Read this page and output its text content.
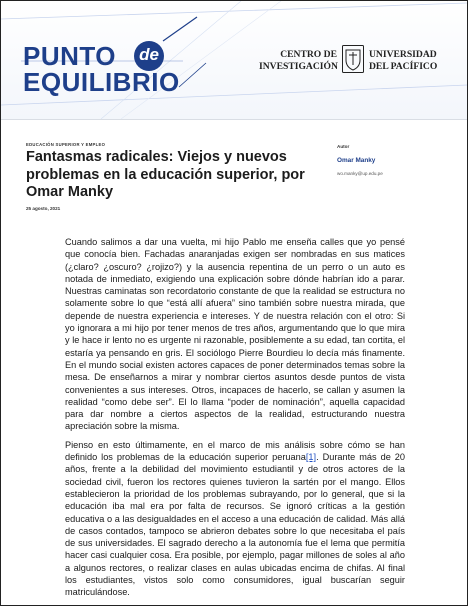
PUNTO de
EQUILIBRIO
CENTRO DE
INVESTIGACIÓN
UNIVERSIDAD
DEL PACÍFICO
EDUCACIÓN SUPERIOR Y EMPLEO
Fantasmas radicales: Viejos y nuevos problemas en la educación superior, por Omar Manky
25 agosto, 2021
Autor
Omar Manky
wo.manky@up.edu.pe

Cuando salimos a dar una vuelta, mi hijo Pablo me enseña calles que yo pensé que conocía bien. Fachadas anaranjadas exigen ser nombradas en sus matices (¿claro? ¿oscuro? ¿rojizo?) y la ausencia repentina de un perro o un auto es notada de inmediato, exigiendo una explicación sobre dónde habrían ido a parar. Nuestras caminatas son recordatorio constante de que la realidad se estructura no solamente sobre lo que “está allí afuera” sino también sobre nuestra mirada, que depende de nuestra experiencia e intereses. Y de nuestra relación con el otro: Si yo ignorara a mi hijo por tener menos de tres años, argumentando que lo que mira y le hace ir lento no es urgente ni razonable, posiblemente a su edad, tan cortita, el estaría ya pensando en gris. El sociólogo Pierre Bourdieu lo decía más finamente. En el mundo social existen actores capaces de poner determinados temas sobre la mesa. De enseñarnos a mirar y nombrar ciertos asuntos desde puntos de vista convenientes a sus intereses. Otros, incapaces de hacerlo, se callan y asumen la realidad “como debe ser”. El lo llama “poder de nominación”, aquella capacidad para dar nombre a ciertos aspectos de la realidad, estructurando nuestra apreciación sobre la misma.

Pienso en esto últimamente, en el marco de mis análisis sobre cómo se han definido los problemas de la educación superior peruana[1]. Durante más de 20 años, frente a la debilidad del movimiento estudiantil y de otros actores de la sociedad civil, fueron los rectores quienes tuvieron la sartén por el mango. Ellos establecieron la prioridad de los problemas subrayando, por lo general, que si la educación iba mal era por falta de recursos. Se ignoró críticas a la gestión educativa o a las desigualdades en el acceso a una educación de calidad. Más allá de casos contados, tampoco se abrieron debates sobre lo que necesitaba el país de sus universidades. El sagrado derecho a la autonomía fue el lema que permitía hacer casi cualquier cosa. Era posible, por ejemplo, pagar millones de soles al año a algunos rectores, o realizar clases en aulas ubicadas encima de chifas. Al final los estudiantes, vistos solo como consumidores, igual buscarían seguir matriculándose.
